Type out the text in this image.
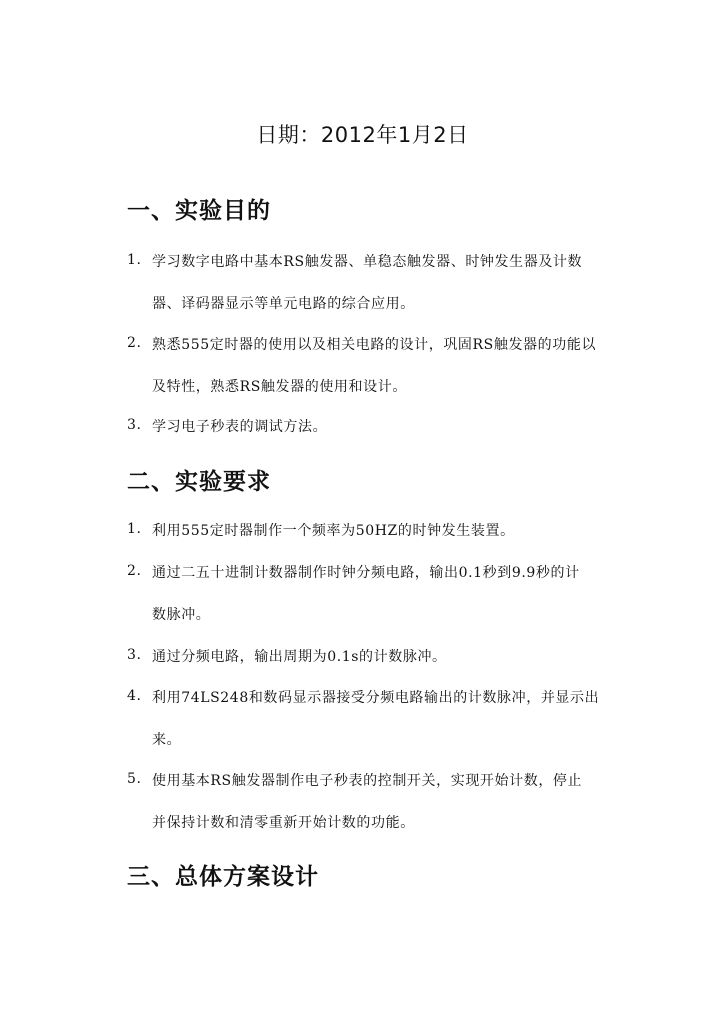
日期：2012年1月2日
一、实验目的
1. 学习数字电路中基本RS触发器、单稳态触发器、时钟发生器及计数
器、译码器显示等单元电路的综合应用。
2. 熟悉555定时器的使用以及相关电路的设计，巩固RS触发器的功能以
及特性，熟悉RS触发器的使用和设计。
3. 学习电子秒表的调试方法。
二、实验要求
1. 利用555定时器制作一个频率为50HZ的时钟发生装置。
2. 通过二五十进制计数器制作时钟分频电路，输出0.1秒到9.9秒的计
数脉冲。
3. 通过分频电路，输出周期为0.1s的计数脉冲。
4. 利用74LS248和数码显示器接受分频电路输出的计数脉冲，并显示出
来。
5. 使用基本RS触发器制作电子秒表的控制开关，实现开始计数，停止
并保持计数和清零重新开始计数的功能。
三、总体方案设计
